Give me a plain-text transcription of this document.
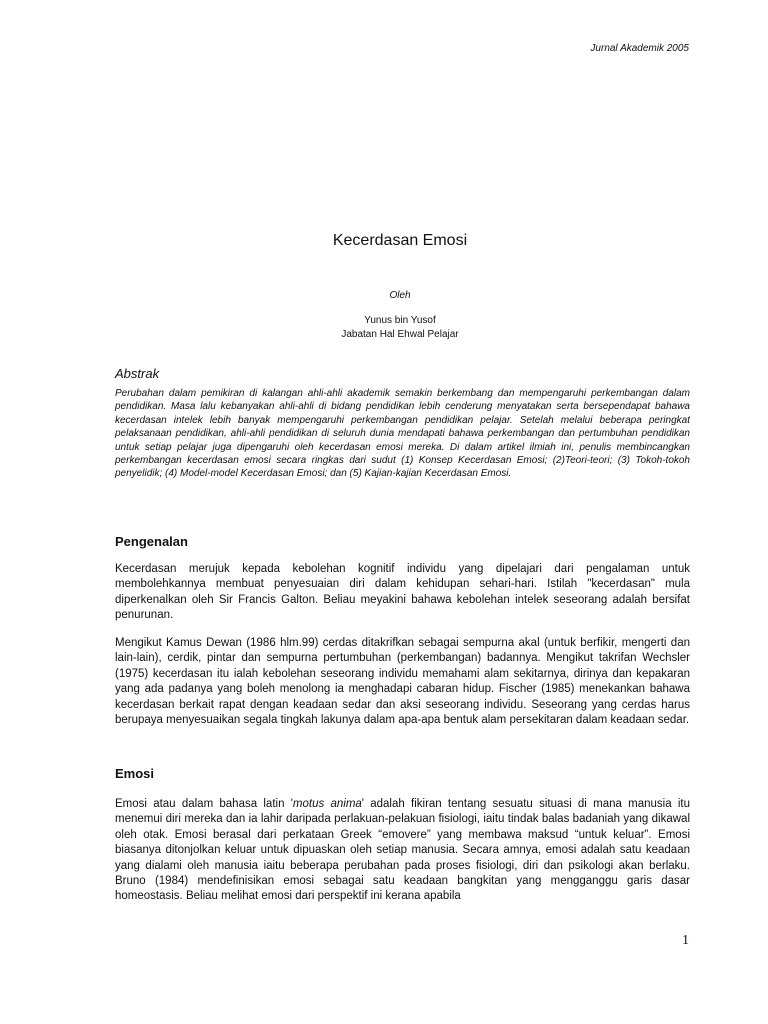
Jurnal Akademik 2005
Kecerdasan Emosi
Oleh
Yunus bin Yusof
Jabatan Hal Ehwal Pelajar
Abstrak
Perubahan dalam pemikiran di kalangan ahli-ahli akademik semakin berkembang dan mempengaruhi perkembangan dalam pendidikan. Masa lalu kebanyakan ahli-ahli di bidang pendidikan lebih cenderung menyatakan serta bersependapat bahawa kecerdasan intelek lebih banyak mempengaruhi perkembangan pendidikan pelajar. Setelah melalui beberapa peringkat pelaksanaan pendidikan, ahli-ahli pendidikan di seluruh dunia mendapati bahawa perkembangan dan pertumbuhan pendidikan untuk setiap pelajar juga dipengaruhi oleh kecerdasan emosi mereka. Di dalam artikel ilmiah ini, penulis membincangkan perkembangan kecerdasan emosi secara ringkas dari sudut (1) Konsep Kecerdasan Emosi; (2)Teori-teori; (3) Tokoh-tokoh penyelidik; (4) Model-model Kecerdasan Emosi; dan (5) Kajian-kajian Kecerdasan Emosi.
Pengenalan
Kecerdasan merujuk kepada kebolehan kognitif individu yang dipelajari dari pengalaman untuk membolehkannya membuat penyesuaian diri dalam kehidupan sehari-hari. Istilah "kecerdasan" mula diperkenalkan oleh Sir Francis Galton. Beliau meyakini bahawa kebolehan intelek seseorang adalah bersifat penurunan.
Mengikut Kamus Dewan (1986 hlm.99) cerdas ditakrifkan sebagai sempurna akal (untuk berfikir, mengerti dan lain-lain), cerdik, pintar dan sempurna pertumbuhan (perkembangan) badannya. Mengikut takrifan Wechsler (1975) kecerdasan itu ialah kebolehan seseorang individu memahami alam sekitarnya, dirinya dan kepakaran yang ada padanya yang boleh menolong ia menghadapi cabaran hidup. Fischer (1985) menekankan bahawa kecerdasan berkait rapat dengan keadaan sedar dan aksi seseorang individu. Seseorang yang cerdas harus berupaya menyesuaikan segala tingkah lakunya dalam apa-apa bentuk alam persekitaran dalam keadaan sedar.
Emosi
Emosi atau dalam bahasa latin 'motus anima' adalah fikiran tentang sesuatu situasi di mana manusia itu menemui diri mereka dan ia lahir daripada perlakuan-pelakuan fisiologi, iaitu tindak balas badaniah yang dikawal oleh otak. Emosi berasal dari perkataan Greek “emovere” yang membawa maksud “untuk keluar”. Emosi biasanya ditonjolkan keluar untuk dipuaskan oleh setiap manusia. Secara amnya, emosi adalah satu keadaan yang dialami oleh manusia iaitu beberapa perubahan pada proses fisiologi, diri dan psikologi akan berlaku. Bruno (1984) mendefinisikan emosi sebagai satu keadaan bangkitan yang mengganggu garis dasar homeostasis. Beliau melihat emosi dari perspektif ini kerana apabila
1
